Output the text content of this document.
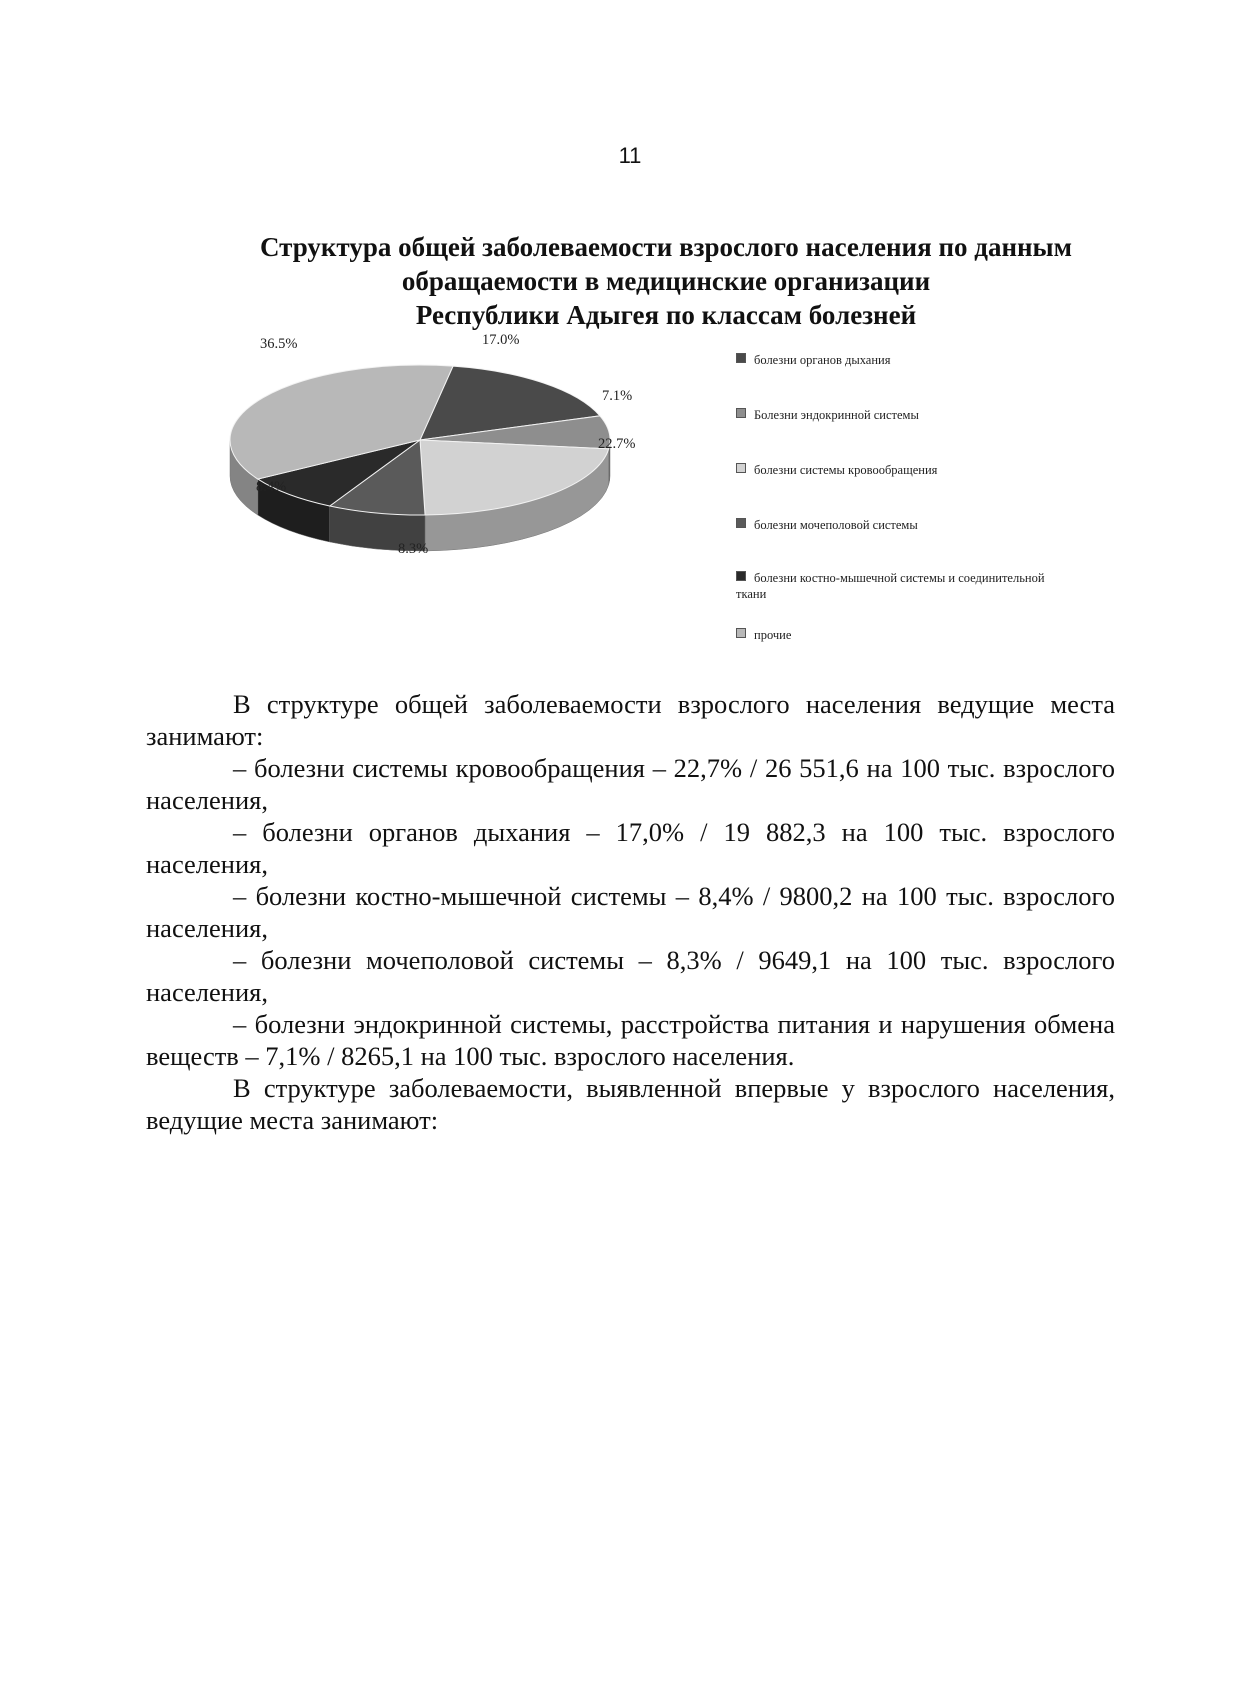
11
Структура общей заболеваемости взрослого населения по данным
обращаемости в медицинские организации
Республики Адыгея по классам болезней
17.0%
7.1%
22.7%
8.3%
8.4%
36.5%
болезни органов дыхания
Болезни эндокринной системы
болезни системы кровообращения
болезни мочеполовой системы
болезни костно-мышечной системы и соединительной ткани
прочие

В структуре общей заболеваемости взрослого населения ведущие места занимают:

– болезни системы кровообращения – 22,7% / 26 551,6 на 100 тыс. взрослого населения,

– болезни органов дыхания – 17,0% / 19 882,3 на 100 тыс. взрослого населения,

– болезни костно-мышечной системы – 8,4% / 9800,2 на 100 тыс. взрослого населения,

– болезни мочеполовой системы – 8,3% / 9649,1 на 100 тыс. взрослого населения,

– болезни эндокринной системы, расстройства питания и нарушения обмена веществ – 7,1% / 8265,1 на 100 тыс. взрослого населения.

В структуре заболеваемости, выявленной впервые у взрослого населения, ведущие места занимают:
